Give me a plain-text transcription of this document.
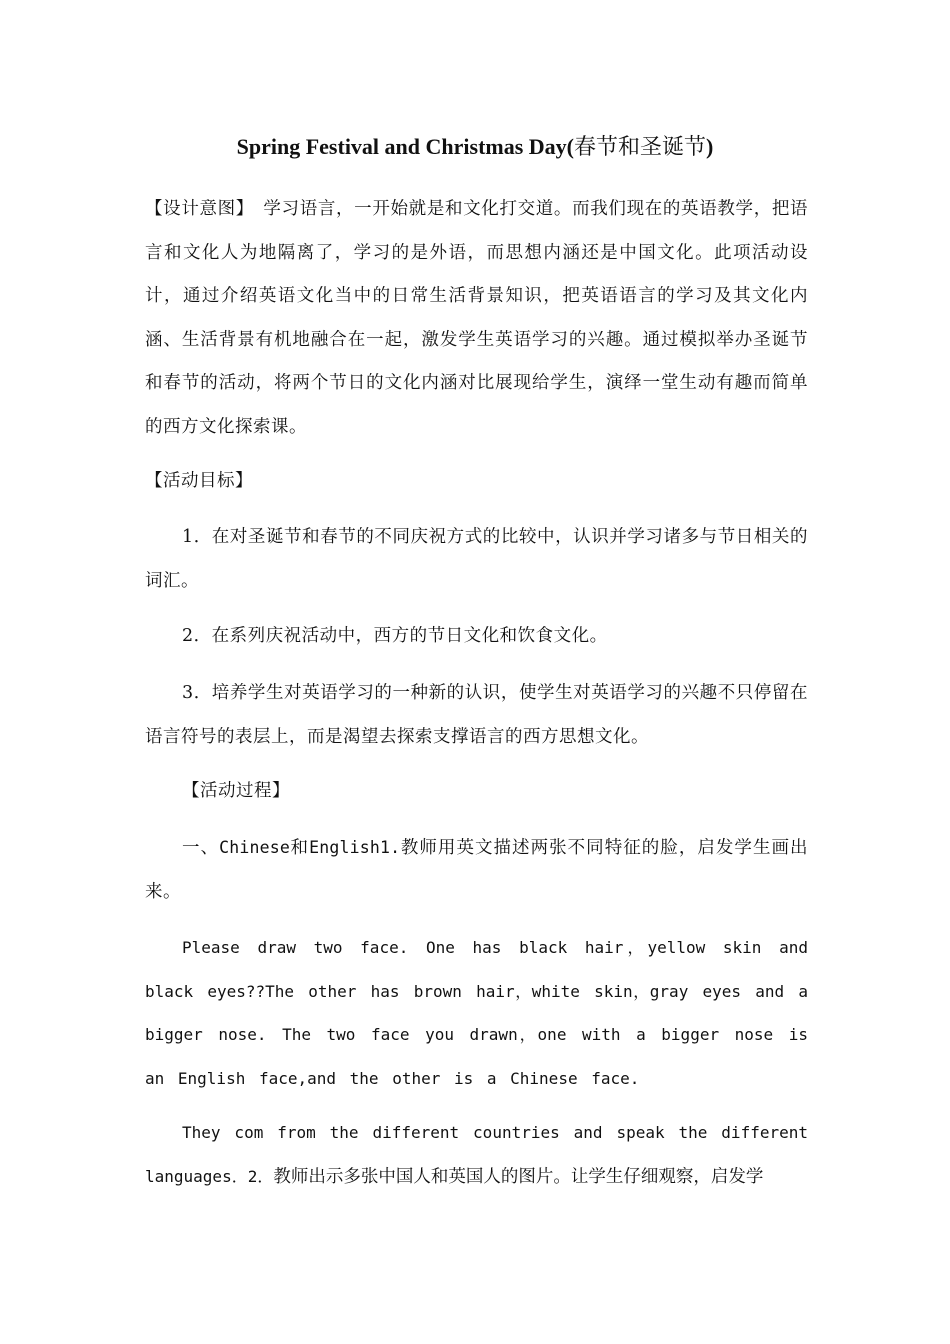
Spring Festival and Christmas Day(春节和圣诞节)

【设计意图】　学习语言，一开始就是和文化打交道。而我们现在的英语教学，把语言和文化人为地隔离了，学习的是外语，而思想内涵还是中国文化。此项活动设计，通过介绍英语文化当中的日常生活背景知识，把英语语言的学习及其文化内涵、生活背景有机地融合在一起，激发学生英语学习的兴趣。通过模拟举办圣诞节和春节的活动，将两个节日的文化内涵对比展现给学生，演绎一堂生动有趣而简单的西方文化探索课。

【活动目标】

1．在对圣诞节和春节的不同庆祝方式的比较中，认识并学习诸多与节日相关的词汇。

2．在系列庆祝活动中，西方的节日文化和饮食文化。

3．培养学生对英语学习的一种新的认识，使学生对英语学习的兴趣不只停留在语言符号的表层上，而是渴望去探索支撑语言的西方思想文化。

【活动过程】

一、Chinese和English1.教师用英文描述两张不同特征的脸，启发学生画出来。

Please draw two face. One has black hair，yellow skin and black eyes??The other has brown hair，white skin，gray eyes and a bigger nose. The two face you drawn，one with a bigger nose is an English face,and the other is a Chinese face.

They com from the different countries and speak the different languages．2．教师出示多张中国人和英国人的图片。让学生仔细观察，启发学
